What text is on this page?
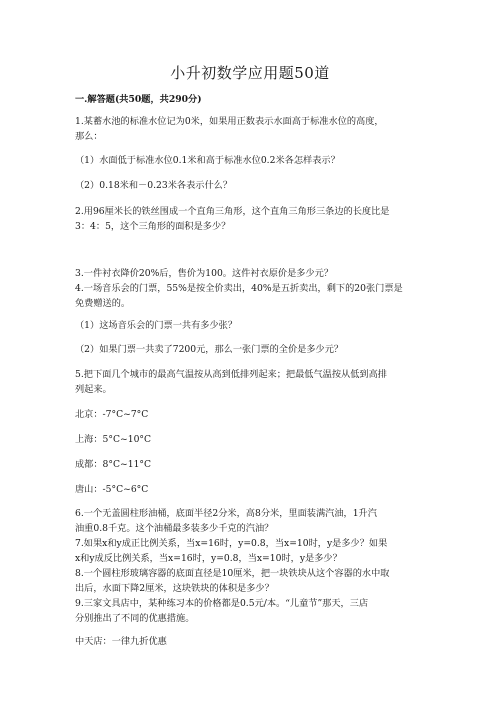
小升初数学应用题50道
一.解答题(共50题，共290分)
1.某蓄水池的标准水位记为0米，如果用正数表示水面高于标准水位的高度，
那么：
（1）水面低于标准水位0.1米和高于标准水位0.2米各怎样表示？
（2）0.18米和－0.23米各表示什么？
2.用96厘米长的铁丝围成一个直角三角形，这个直角三角形三条边的长度比是
3：4：5，这个三角形的面积是多少？
3.一件衬衣降价20%后，售价为100。这件衬衣原价是多少元？
4.一场音乐会的门票，55%是按全价卖出，40%是五折卖出，剩下的20张门票是
免费赠送的。
（1）这场音乐会的门票一共有多少张？
（2）如果门票一共卖了7200元，那么一张门票的全价是多少元？
5.把下面几个城市的最高气温按从高到低排列起来；把最低气温按从低到高排
列起来。
北京：-7°C~7°C
上海：5°C~10°C
成都：8°C~11°C
唐山：-5°C~6°C
6.一个无盖圆柱形油桶，底面半径2分米，高8分米，里面装满汽油，1升汽
油重0.8千克。这个油桶最多装多少千克的汽油？
7.如果x和y成正比例关系，当x=16时，y=0.8，当x=10时，y是多少？如果
x和y成反比例关系，当x=16时，y=0.8，当x=10时，y是多少？
8.一个圆柱形玻璃容器的底面直径是10厘米，把一块铁块从这个容器的水中取
出后，水面下降2厘米，这块铁块的体积是多少？
9.三家文具店中，某种练习本的价格都是0.5元/本。“儿童节”那天，三店
分别推出了不同的优惠措施。
中天店：一律九折优惠
